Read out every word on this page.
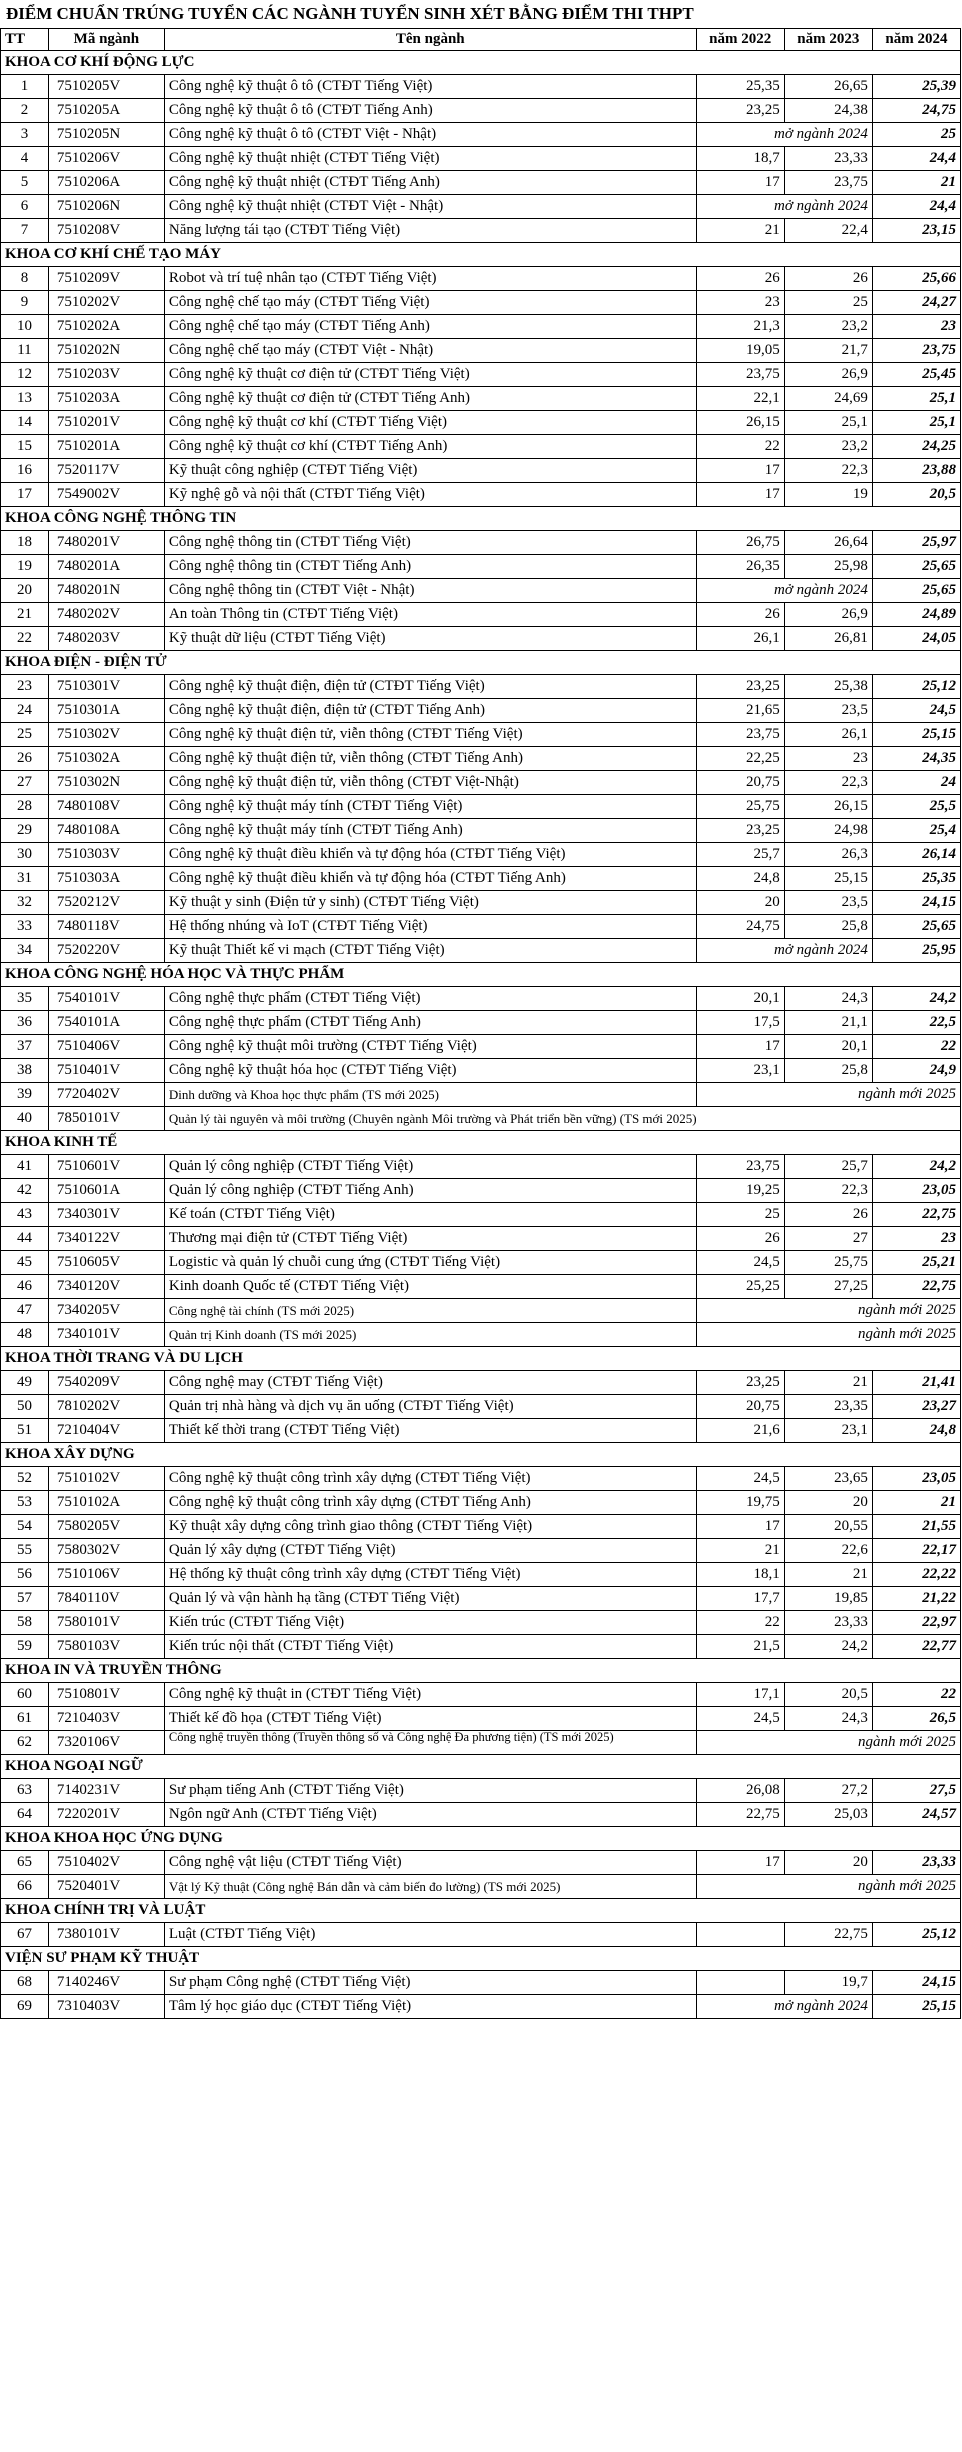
ĐIỂM CHUẨN TRÚNG TUYỂN CÁC NGÀNH TUYỂN SINH XÉT BẰNG ĐIỂM THI THPT
TT	Mã ngành	Tên ngành	năm 2022	năm 2023	năm 2024
KHOA CƠ KHÍ ĐỘNG LỰC					
1	7510205V	Công nghệ kỹ thuật ô tô (CTĐT Tiếng Việt)	25,35	26,65	25,39
2	7510205A	Công nghệ kỹ thuật ô tô (CTĐT Tiếng Anh)	23,25	24,38	24,75
3	7510205N	Công nghệ kỹ thuật ô tô (CTĐT Việt - Nhật)	mở ngành 2024		25
4	7510206V	Công nghệ kỹ thuật nhiệt (CTĐT Tiếng Việt)	18,7	23,33	24,4
5	7510206A	Công nghệ kỹ thuật nhiệt (CTĐT Tiếng Anh)	17	23,75	21
6	7510206N	Công nghệ kỹ thuật nhiệt (CTĐT Việt - Nhật)	mở ngành 2024		24,4
7	7510208V	Năng lượng tái tạo (CTĐT Tiếng Việt)	21	22,4	23,15
KHOA CƠ KHÍ CHẾ TẠO MÁY					
8	7510209V	Robot và trí tuệ nhân tạo (CTĐT Tiếng Việt)	26	26	25,66
9	7510202V	Công nghệ chế tạo máy (CTĐT Tiếng Việt)	23	25	24,27
10	7510202A	Công nghệ chế tạo máy (CTĐT Tiếng Anh)	21,3	23,2	23
11	7510202N	Công nghệ chế tạo máy (CTĐT Việt - Nhật)	19,05	21,7	23,75
12	7510203V	Công nghệ kỹ thuật cơ điện tử (CTĐT Tiếng Việt)	23,75	26,9	25,45
13	7510203A	Công nghệ kỹ thuật cơ điện tử (CTĐT Tiếng Anh)	22,1	24,69	25,1
14	7510201V	Công nghệ kỹ thuật cơ khí (CTĐT Tiếng Việt)	26,15	25,1	25,1
15	7510201A	Công nghệ kỹ thuật cơ khí (CTĐT Tiếng Anh)	22	23,2	24,25
16	7520117V	Kỹ thuật công nghiệp (CTĐT Tiếng Việt)	17	22,3	23,88
17	7549002V	Kỹ nghệ gỗ và nội thất (CTĐT Tiếng Việt)	17	19	20,5
KHOA CÔNG NGHỆ THÔNG TIN					
18	7480201V	Công nghệ thông tin (CTĐT Tiếng Việt)	26,75	26,64	25,97
19	7480201A	Công nghệ thông tin (CTĐT Tiếng Anh)	26,35	25,98	25,65
20	7480201N	Công nghệ thông tin (CTĐT Việt - Nhật)	mở ngành 2024		25,65
21	7480202V	An toàn Thông tin (CTĐT Tiếng Việt)	26	26,9	24,89
22	7480203V	Kỹ thuật dữ liệu (CTĐT Tiếng Việt)	26,1	26,81	24,05
KHOA ĐIỆN - ĐIỆN TỬ					
23	7510301V	Công nghệ kỹ thuật điện, điện tử (CTĐT Tiếng Việt)	23,25	25,38	25,12
24	7510301A	Công nghệ kỹ thuật điện, điện tử (CTĐT Tiếng Anh)	21,65	23,5	24,5
25	7510302V	Công nghệ kỹ thuật điện tử, viễn thông (CTĐT Tiếng Việt)	23,75	26,1	25,15
26	7510302A	Công nghệ kỹ thuật điện tử, viễn thông (CTĐT Tiếng Anh)	22,25	23	24,35
27	7510302N	Công nghệ kỹ thuật điện tử, viễn thông (CTĐT Việt-Nhật)	20,75	22,3	24
28	7480108V	Công nghệ kỹ thuật máy tính (CTĐT Tiếng Việt)	25,75	26,15	25,5
29	7480108A	Công nghệ kỹ thuật máy tính (CTĐT Tiếng Anh)	23,25	24,98	25,4
30	7510303V	Công nghệ kỹ thuật điều khiển và tự động hóa (CTĐT Tiếng Việt)	25,7	26,3	26,14
31	7510303A	Công nghệ kỹ thuật điều khiển và tự động hóa (CTĐT Tiếng Anh)	24,8	25,15	25,35
32	7520212V	Kỹ thuật y sinh (Điện tử y sinh) (CTĐT Tiếng Việt)	20	23,5	24,15
33	7480118V	Hệ thống nhúng và IoT (CTĐT Tiếng Việt)	24,75	25,8	25,65
34	7520220V	Kỹ thuật Thiết kế vi mạch (CTĐT Tiếng Việt)	mở ngành 2024		25,95
KHOA CÔNG NGHỆ HÓA HỌC VÀ THỰC PHẨM					
35	7540101V	Công nghệ thực phẩm (CTĐT Tiếng Việt)	20,1	24,3	24,2
36	7540101A	Công nghệ thực phẩm (CTĐT Tiếng Anh)	17,5	21,1	22,5
37	7510406V	Công nghệ kỹ thuật môi trường (CTĐT Tiếng Việt)	17	20,1	22
38	7510401V	Công nghệ kỹ thuật hóa học (CTĐT Tiếng Việt)	23,1	25,8	24,9
39	7720402V	Dinh dưỡng và Khoa học thực phẩm (TS mới 2025)	ngành mới 2025		
40	7850101V	Quản lý tài nguyên và môi trường (Chuyên ngành Môi trường và Phát triển bền vững) (TS mới 2025)			
KHOA KINH TẾ					
41	7510601V	Quản lý công nghiệp (CTĐT Tiếng Việt)	23,75	25,7	24,2
42	7510601A	Quản lý công nghiệp (CTĐT Tiếng Anh)	19,25	22,3	23,05
43	7340301V	Kế toán (CTĐT Tiếng Việt)	25	26	22,75
44	7340122V	Thương mại điện tử (CTĐT Tiếng Việt)	26	27	23
45	7510605V	Logistic và quản lý chuỗi cung ứng (CTĐT Tiếng Việt)	24,5	25,75	25,21
46	7340120V	Kinh doanh Quốc tế (CTĐT Tiếng Việt)	25,25	27,25	22,75
47	7340205V	Công nghệ tài chính (TS mới 2025)	ngành mới 2025		
48	7340101V	Quản trị Kinh doanh (TS mới 2025)	ngành mới 2025		
KHOA THỜI TRANG VÀ DU LỊCH					
49	7540209V	Công nghệ may (CTĐT Tiếng Việt)	23,25	21	21,41
50	7810202V	Quản trị nhà hàng và dịch vụ ăn uống (CTĐT Tiếng Việt)	20,75	23,35	23,27
51	7210404V	Thiết kế thời trang (CTĐT Tiếng Việt)	21,6	23,1	24,8
KHOA XÂY DỰNG					
52	7510102V	Công nghệ kỹ thuật công trình xây dựng (CTĐT Tiếng Việt)	24,5	23,65	23,05
53	7510102A	Công nghệ kỹ thuật công trình xây dựng (CTĐT Tiếng Anh)	19,75	20	21
54	7580205V	Kỹ thuật xây dựng công trình giao thông (CTĐT Tiếng Việt)	17	20,55	21,55
55	7580302V	Quản lý xây dựng (CTĐT Tiếng Việt)	21	22,6	22,17
56	7510106V	Hệ thống kỹ thuật công trình xây dựng (CTĐT Tiếng Việt)	18,1	21	22,22
57	7840110V	Quản lý và vận hành hạ tầng (CTĐT Tiếng Việt)	17,7	19,85	21,22
58	7580101V	Kiến trúc (CTĐT Tiếng Việt)	22	23,33	22,97
59	7580103V	Kiến trúc nội thất (CTĐT Tiếng Việt)	21,5	24,2	22,77
KHOA IN VÀ TRUYỀN THÔNG					
60	7510801V	Công nghệ kỹ thuật in (CTĐT Tiếng Việt)	17,1	20,5	22
61	7210403V	Thiết kế đồ họa (CTĐT Tiếng Việt)	24,5	24,3	26,5
62	7320106V	Công nghệ truyền thông (Truyền thông số và Công nghệ Đa phương tiện) (TS mới 2025)	ngành mới 2025		
KHOA NGOẠI NGỮ					
63	7140231V	Sư phạm tiếng Anh (CTĐT Tiếng Việt)	26,08	27,2	27,5
64	7220201V	Ngôn ngữ Anh (CTĐT Tiếng Việt)	22,75	25,03	24,57
KHOA KHOA HỌC ỨNG DỤNG					
65	7510402V	Công nghệ vật liệu (CTĐT Tiếng Việt)	17	20	23,33
66	7520401V	Vật lý Kỹ thuật (Công nghệ Bán dẫn và cảm biến đo lường) (TS mới 2025)	ngành mới 2025		
KHOA CHÍNH TRỊ VÀ LUẬT					
67	7380101V	Luật (CTĐT Tiếng Việt)		22,75	25,12
VIỆN SƯ PHẠM KỸ THUẬT					
68	7140246V	Sư phạm Công nghệ (CTĐT Tiếng Việt)		19,7	24,15
69	7310403V	Tâm lý học giáo dục (CTĐT Tiếng Việt)	mở ngành 2024		25,15
